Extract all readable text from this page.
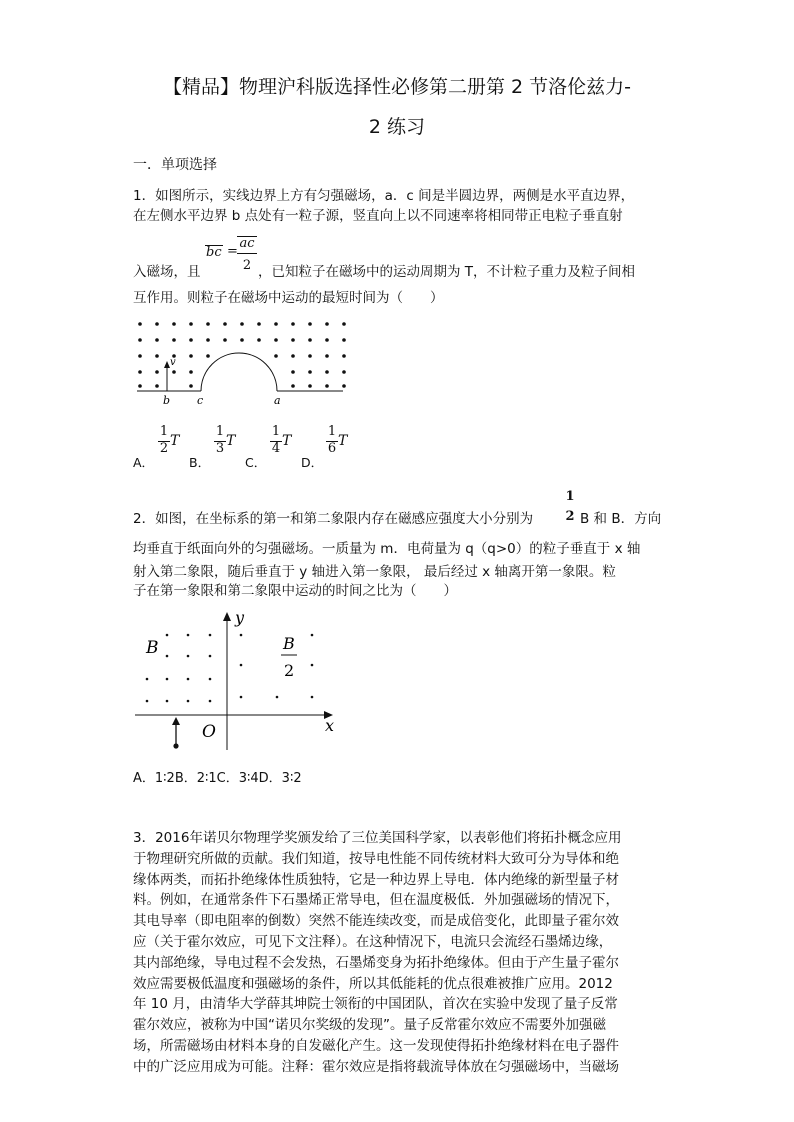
【精品】物理沪科版选择性必修第二册第 2 节洛伦兹力-
2 练习
一．单项选择
1．如图所示，实线边界上方有匀强磁场，a．c 间是半圆边界，两侧是水平直边界，
在左侧水平边界 b 点处有一粒子源，竖直向上以不同速率将相同带正电粒子垂直射
入磁场，且
bc = $\frac{ac}{2}$ ，已知粒子在磁场中的运动周期为 T，不计粒子重力及粒子间相
互作用。则粒子在磁场中运动的最短时间为（　　）
v
b c	a
A．
$\frac{1}{2}$ T
B．
$\frac{1}{3}$ T
C．
$\frac{1}{4}$ T
D．
$\frac{1}{6}$ T
2．如图，在坐标系的第一和第二象限内存在磁感应强度大小分别为
1
2 B 和 B．方向
均垂直于纸面向外的匀强磁场。一质量为 m．电荷量为 q（q>0）的粒子垂直于 x 轴
射入第二象限，随后垂直于 y 轴进入第一象限， 最后经过 x 轴离开第一象限。粒
子在第一象限和第二象限中运动的时间之比为（　　）
x
y
O
B	B
2
A．1∶2B．2∶1C．3∶4D．3∶2
3．2016年诺贝尔物理学奖颁发给了三位美国科学家，以表彰他们将拓扑概念应用
于物理研究所做的贡献。我们知道，按导电性能不同传统材料大致可分为导体和绝
缘体两类，而拓扑绝缘体性质独特，它是一种边界上导电．体内绝缘的新型量子材
料。例如，在通常条件下石墨烯正常导电，但在温度极低．外加强磁场的情况下，
其电导率（即电阻率的倒数）突然不能连续改变，而是成倍变化，此即量子霍尔效
应（关于霍尔效应，可见下文注释）。在这种情况下，电流只会流经石墨烯边缘，
其内部绝缘，导电过程不会发热，石墨烯变身为拓扑绝缘体。但由于产生量子霍尔
效应需要极低温度和强磁场的条件，所以其低能耗的优点很难被推广应用。2012
年 10 月，由清华大学薛其坤院士领衔的中国团队，首次在实验中发现了量子反常
霍尔效应，被称为中国“诺贝尔奖级的发现”。量子反常霍尔效应不需要外加强磁
场，所需磁场由材料本身的自发磁化产生。这一发现使得拓扑绝缘材料在电子器件
中的广泛应用成为可能。注释：霍尔效应是指将载流导体放在匀强磁场中，当磁场
